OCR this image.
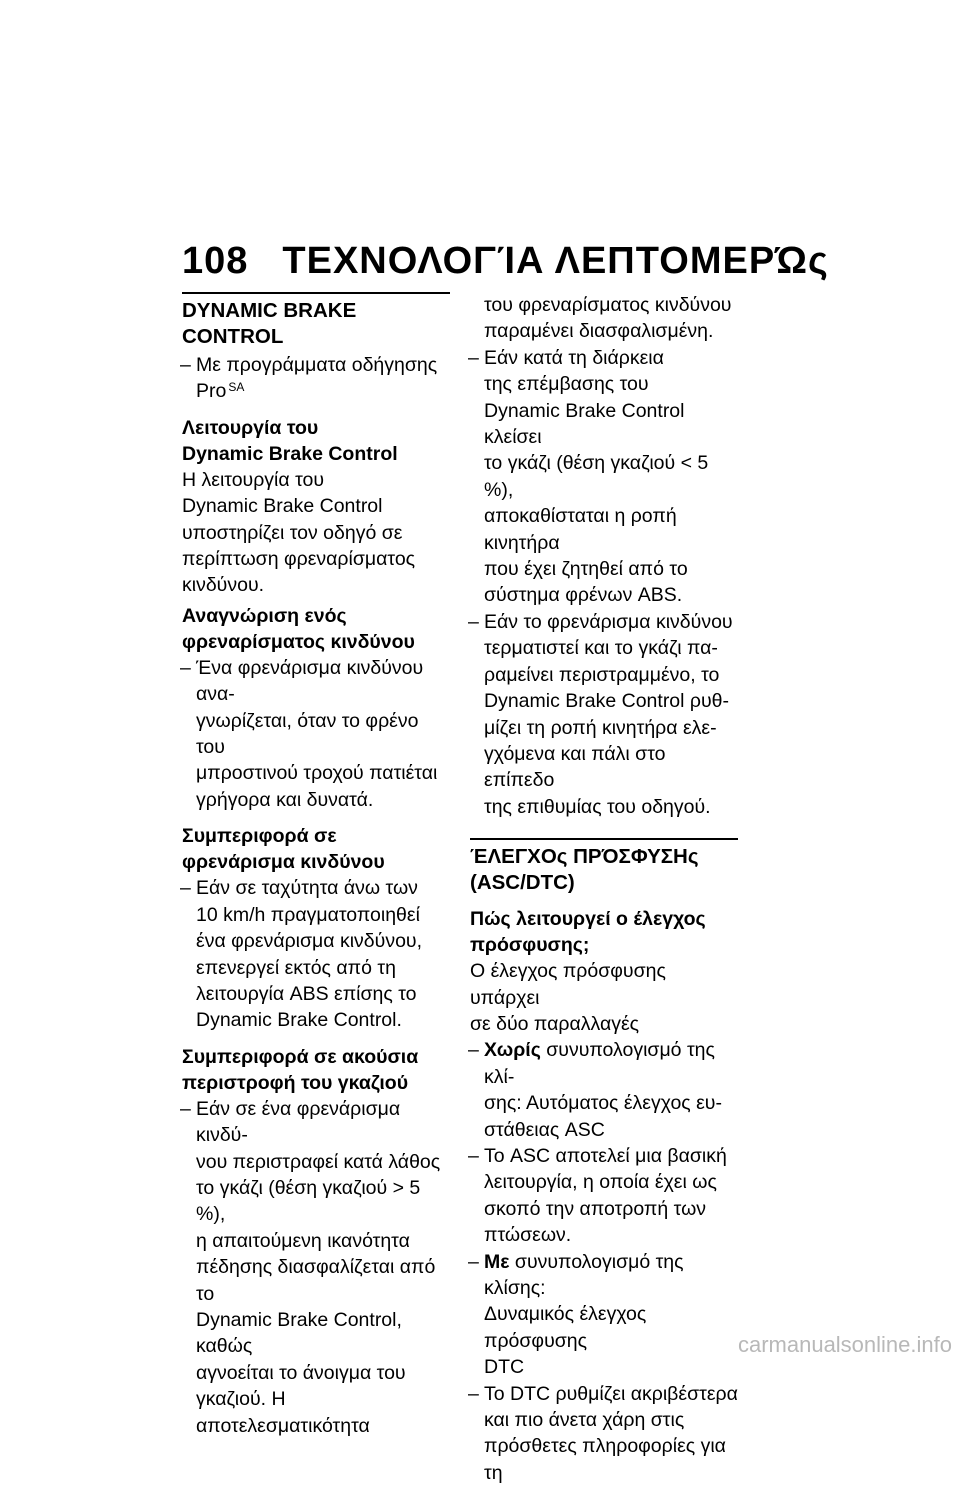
108 ΤΕΧΝΟΛΟΓΊΑ ΛΕΠΤΟΜΕΡΏς
DYNAMIC BRAKE CONTROL
– Με προγράμματα οδήγησης
Pro $^{SA}$
Λειτουργία του
Dynamic Brake Control
Η λειτουργία του
Dynamic Brake Control
υποστηρίζει τον οδηγό σε
περίπτωση φρεναρίσματος
κινδύνου.
Αναγνώριση ενός
φρεναρίσματος κινδύνου
– Ένα φρενάρισμα κινδύνου ανα-
γνωρίζεται, όταν το φρένο του
μπροστινού τροχού πατιέται
γρήγορα και δυνατά.
Συμπεριφορά σε
φρενάρισμα κινδύνου
– Εάν σε ταχύτητα άνω των
10 km/h πραγματοποιηθεί
ένα φρενάρισμα κινδύνου,
επενεργεί εκτός από τη
λειτουργία ABS επίσης το
Dynamic Brake Control.
Συμπεριφορά σε ακούσια
περιστροφή του γκαζιού
– Εάν σε ένα φρενάρισμα κινδύ-
νου περιστραφεί κατά λάθος
το γκάζι (θέση γκαζιού > 5 %),
η απαιτούμενη ικανότητα
πέδησης διασφαλίζεται από το
Dynamic Brake Control, καθώς
αγνοείται το άνοιγμα του
γκαζιού. Η αποτελεσματικότητα
του φρεναρίσματος κινδύνου
παραμένει διασφαλισμένη.
– Εάν κατά τη διάρκεια
της επέμβασης του
Dynamic Brake Control κλείσει
το γκάζι (θέση γκαζιού < 5 %),
αποκαθίσταται η ροπή κινητήρα
που έχει ζητηθεί από το
σύστημα φρένων ABS.
– Εάν το φρενάρισμα κινδύνου
τερματιστεί και το γκάζι πα-
ραμείνει περιστραμμένο, το
Dynamic Brake Control ρυθ-
μίζει τη ροπή κινητήρα ελε-
γχόμενα και πάλι στο επίπεδο
της επιθυμίας του οδηγού.
ΈΛΕΓΧΟς ΠΡΌΣΦΥΣΗς
(ASC/DTC)
Πώς λειτουργεί ο έλεγχος
πρόσφυσης;
Ο έλεγχος πρόσφυσης υπάρχει
σε δύο παραλλαγές
– Χωρίς συνυπολογισμό της κλί-
σης: Αυτόματος έλεγχος ευ-
στάθειας ASC
– Το ASC αποτελεί μια βασική
λειτουργία, η οποία έχει ως
σκοπό την αποτροπή των
πτώσεων.
– Με συνυπολογισμό της κλίσης:
Δυναμικός έλεγχος πρόσφυσης
DTC
– Το DTC ρυθμίζει ακριβέστερα
και πιο άνετα χάρη στις
πρόσθετες πληροφορίες για τη
carmanualsonline.info
